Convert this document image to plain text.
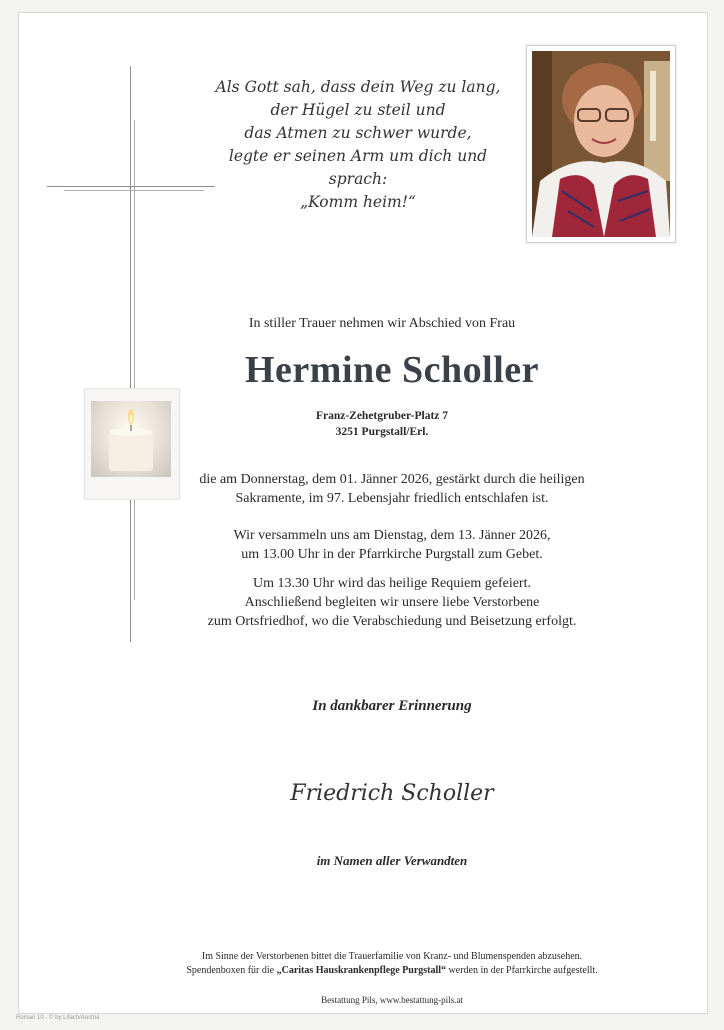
Als Gott sah, dass dein Weg zu lang,
der Hügel zu steil und
das Atmen zu schwer wurde,
legte er seinen Arm um dich und
sprach:
„Komm heim!“
In stiller Trauer nehmen wir Abschied von Frau
Hermine Scholler
Franz-Zehetgruber-Platz 7
3251 Purgstall/Erl.
die am Donnerstag, dem 01. Jänner 2026, gestärkt durch die heiligen
Sakramente, im 97. Lebensjahr friedlich entschlafen ist.
Wir versammeln uns am Dienstag, dem 13. Jänner 2026,
um 13.00 Uhr in der Pfarrkirche Purgstall zum Gebet.
Um 13.30 Uhr wird das heilige Requiem gefeiert.
Anschließend begleiten wir unsere liebe Verstorbene
zum Ortsfriedhof, wo die Verabschiedung und Beisetzung erfolgt.
In dankbarer Erinnerung
Friedrich Scholler
im Namen aller Verwandten
Im Sinne der Verstorbenen bittet die Trauerfamilie von Kranz- und Blumenspenden abzusehen.
Spendenboxen für die „Caritas Hauskrankenpflege Purgstall“ werden in der Pfarrkirche aufgestellt.
Bestattung Pils, www.bestattung-pils.at
Roman 10 - © by Lifach/Austria
